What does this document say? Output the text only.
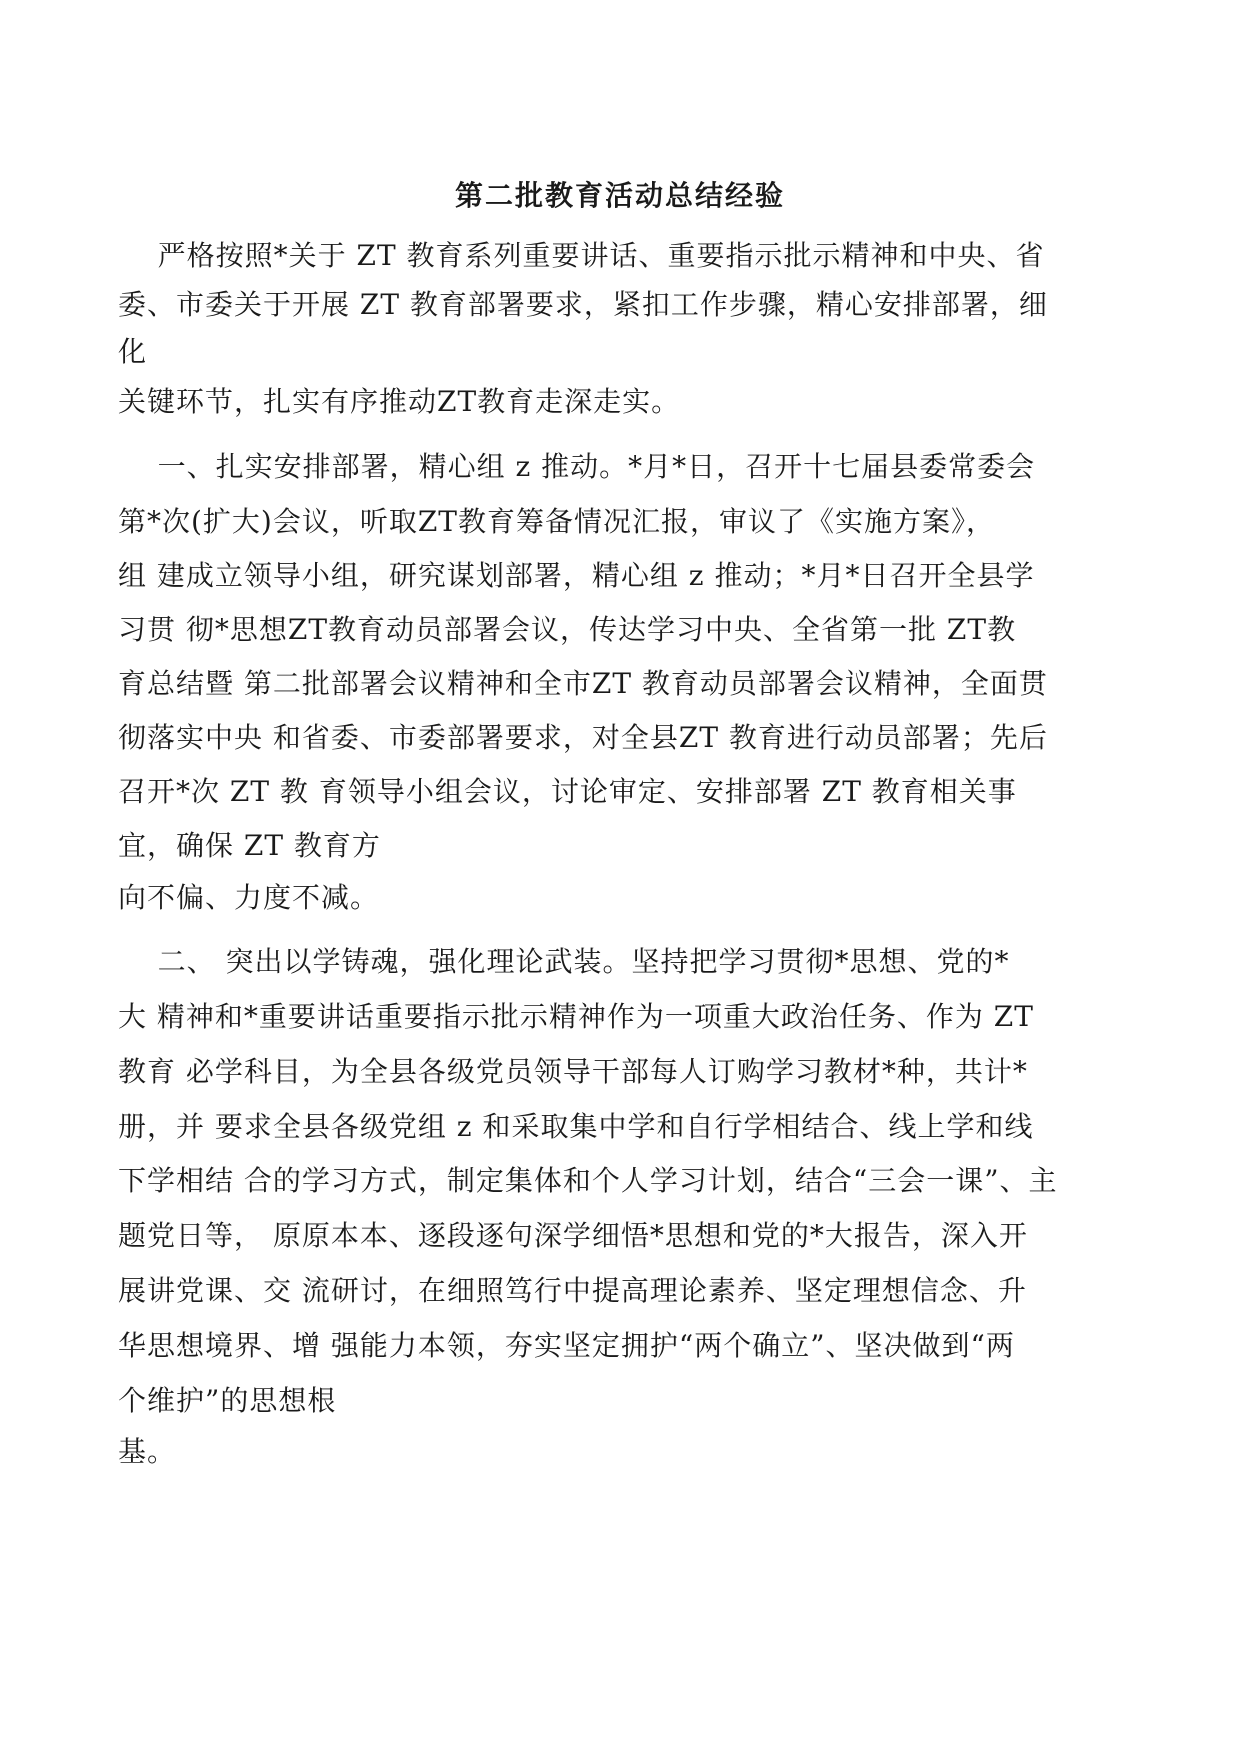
第二批教育活动总结经验
严格按照*关于 ZT 教育系列重要讲话、重要指示批示精神和中央、省
委、市委关于开展 ZT 教育部署要求，紧扣工作步骤，精心安排部署，细
化
关键环节，扎实有序推动ZT教育走深走实。
一、扎实安排部署，精心组 z 推动。*月*日，召开十七届县委常委会
第*次(扩大)会议，听取ZT教育筹备情况汇报，审议了《实施方案》，
组 建成立领导小组，研究谋划部署，精心组 z 推动；*月*日召开全县学
习贯 彻*思想ZT教育动员部署会议，传达学习中央、全省第一批 ZT教
育总结暨 第二批部署会议精神和全市ZT 教育动员部署会议精神，全面贯
彻落实中央 和省委、市委部署要求，对全县ZT 教育进行动员部署；先后
召开*次 ZT 教 育领导小组会议，讨论审定、安排部署 ZT 教育相关事
宜，确保 ZT 教育方
向不偏、力度不减。
二、 突出以学铸魂，强化理论武装。坚持把学习贯彻*思想、党的*
大 精神和*重要讲话重要指示批示精神作为一项重大政治任务、作为 ZT
教育 必学科目，为全县各级党员领导干部每人订购学习教材*种，共计*
册，并 要求全县各级党组 z 和采取集中学和自行学相结合、线上学和线
下学相结 合的学习方式，制定集体和个人学习计划，结合“三会一课”、主
题党日等， 原原本本、逐段逐句深学细悟*思想和党的*大报告，深入开
展讲党课、交 流研讨，在细照笃行中提高理论素养、坚定理想信念、升
华思想境界、增 强能力本领，夯实坚定拥护“两个确立”、坚决做到“两
个维护”的思想根
基。
